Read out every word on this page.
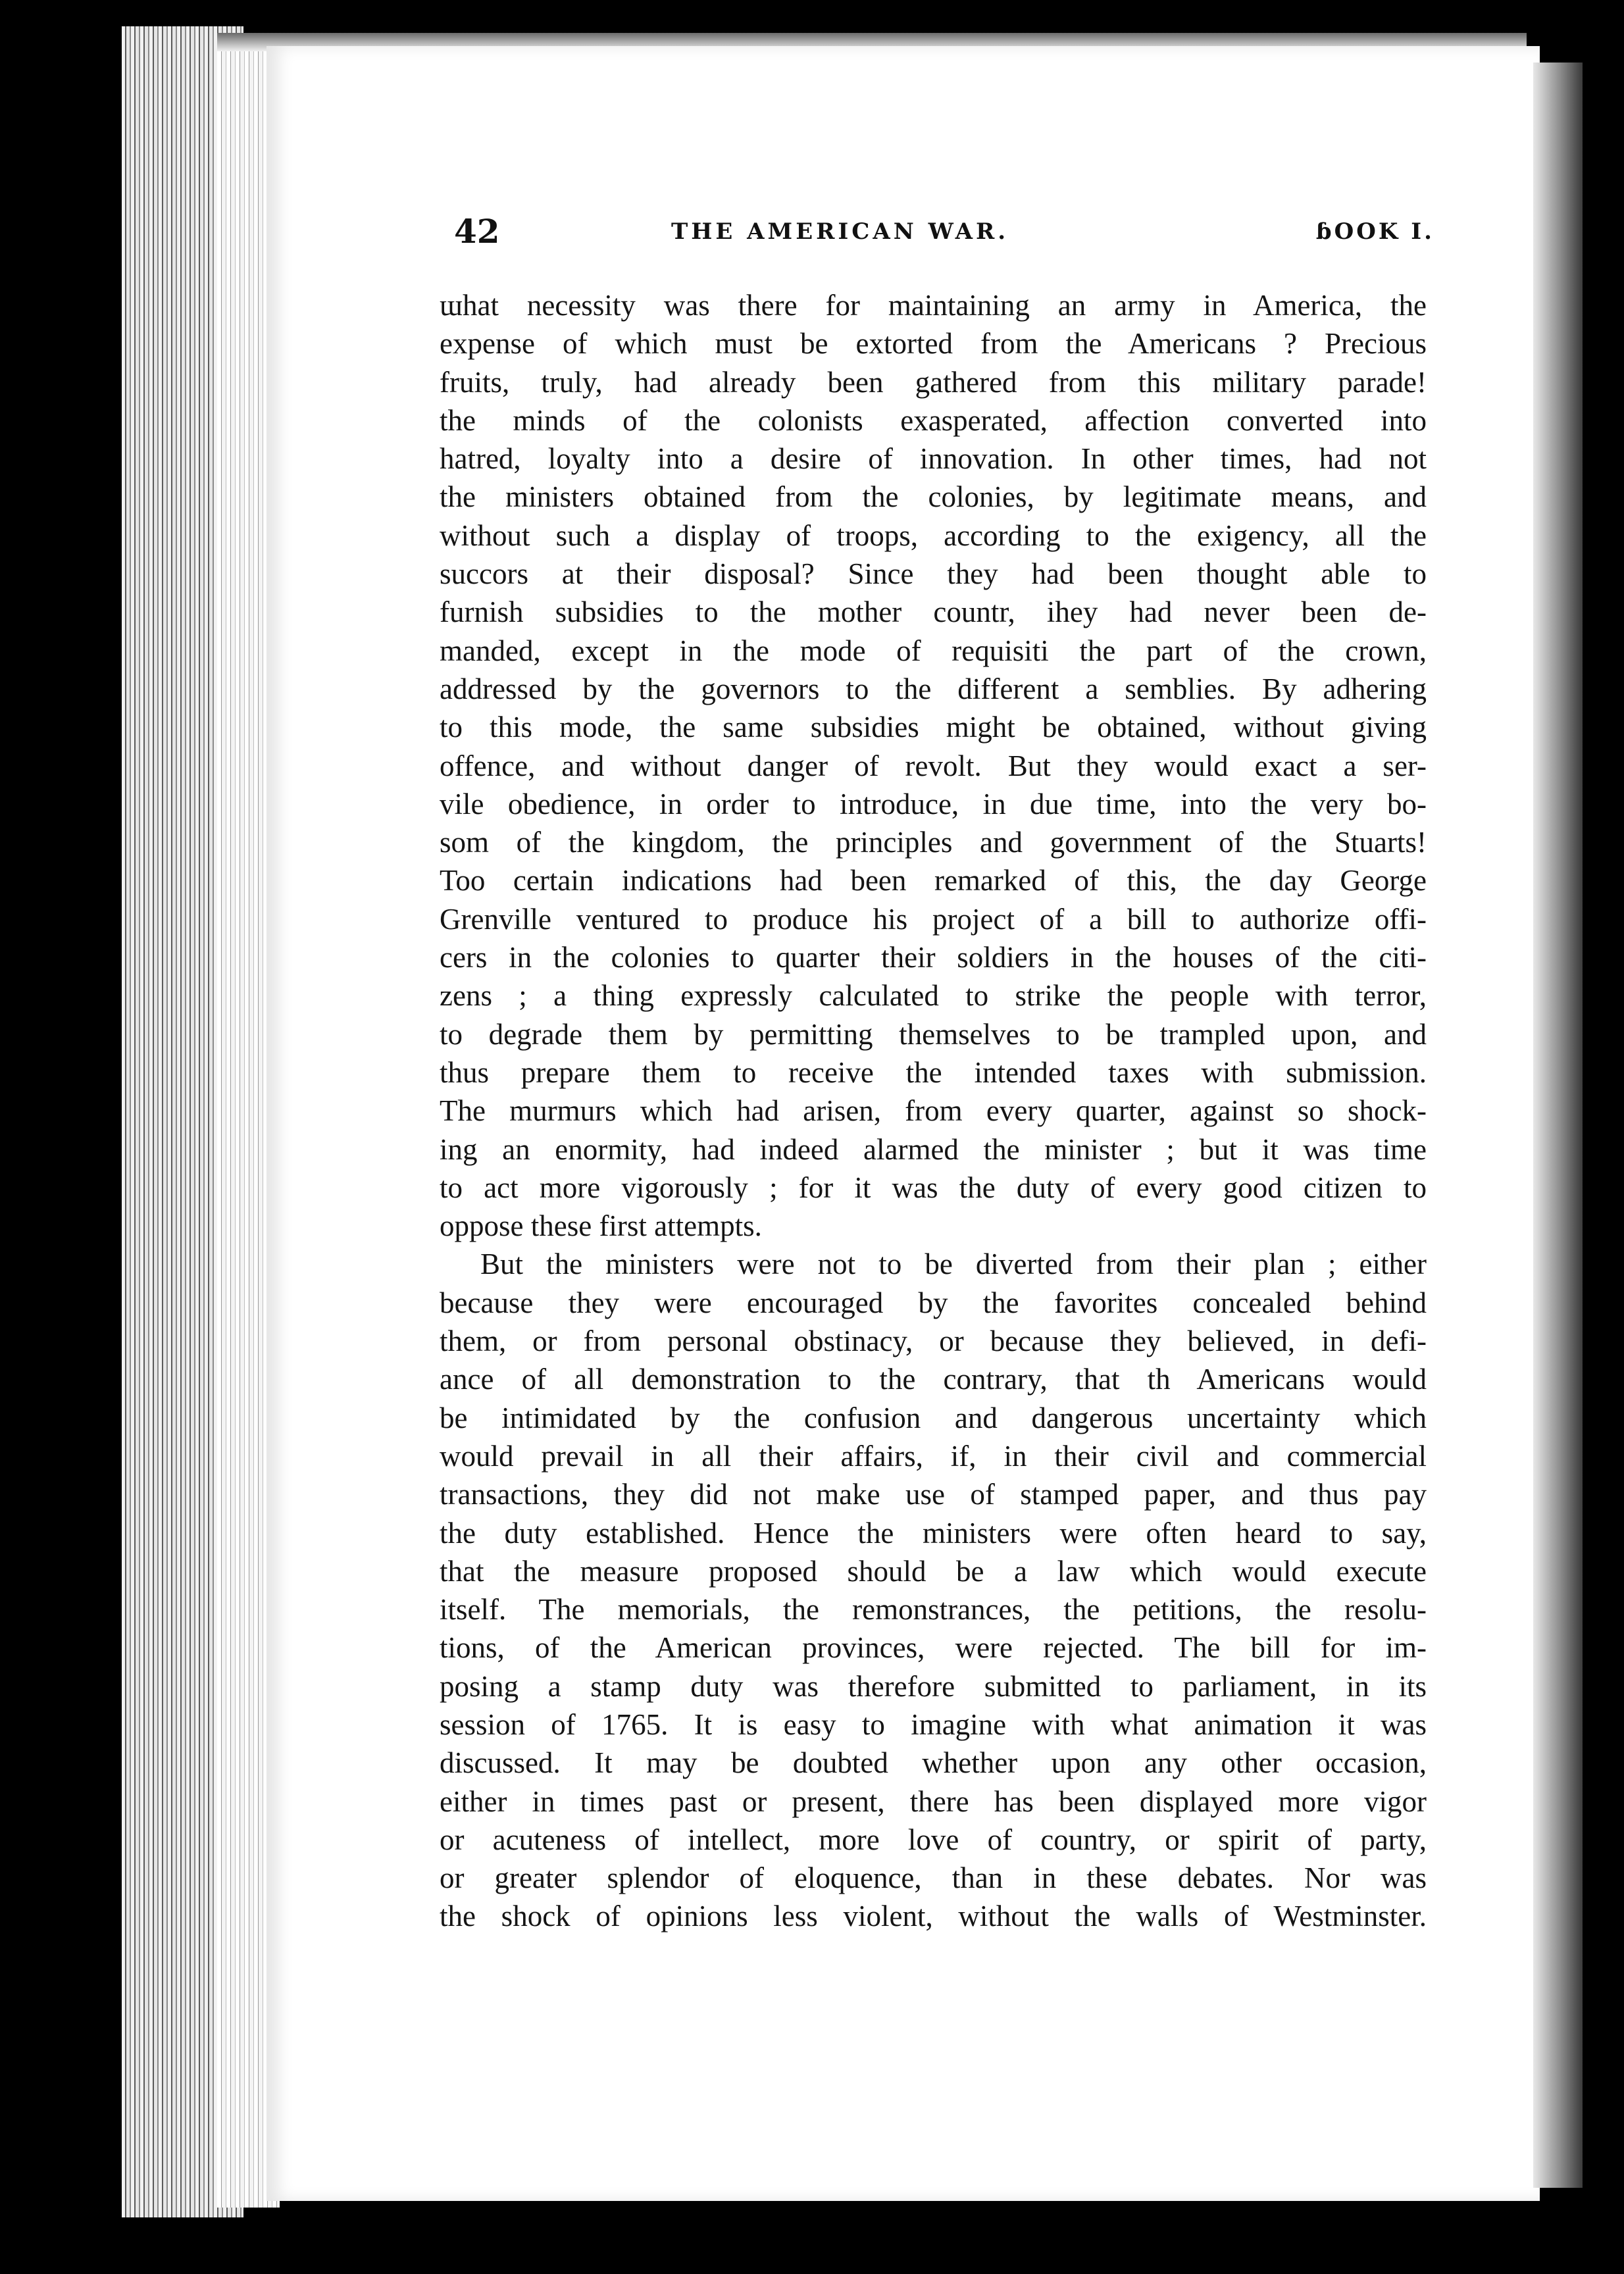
42	THE AMERICAN WAR.	ɓOOK I.

ɯhat necessity was there for maintaining an army in America, the
expense of which must be extorted from the Americans ? Precious
fruits, truly, had already been gathered from this military parade!
the minds of the colonists exasperated, affection converted into
hatred, loyalty into a desire of innovation. In other times, had not
the ministers obtained from the colonies, by legitimate means, and
without such a display of troops, according to the exigency, all the
succors at their disposal? Since they had been thought able to
furnish subsidies to the mother countr, ihey had never been de-
manded, except in the mode of requisiti the part of the crown,
addressed by the governors to the different a semblies. By adhering
to this mode, the same subsidies might be obtained, without giving
offence, and without danger of revolt. But they would exact a ser-
vile obedience, in order to introduce, in due time, into the very bo-
som of the kingdom, the principles and government of the Stuarts!
Too certain indications had been remarked of this, the day George
Grenville ventured to produce his project of a bill to authorize offi-
cers in the colonies to quarter their soldiers in the houses of the citi-
zens ; a thing expressly calculated to strike the people with terror,
to degrade them by permitting themselves to be trampled upon, and
thus prepare them to receive the intended taxes with submission.
The murmurs which had arisen, from every quarter, against so shock-
ing an enormity, had indeed alarmed the minister ; but it was time
to act more vigorously ; for it was the duty of every good citizen to
oppose these first attempts.

But the ministers were not to be diverted from their plan ; either
because they were encouraged by the favorites concealed behind
them, or from personal obstinacy, or because they believed, in defi-
ance of all demonstration to the contrary, that th Americans would
be intimidated by the confusion and dangerous uncertainty which
would prevail in all their affairs, if, in their civil and commercial
transactions, they did not make use of stamped paper, and thus pay
the duty established. Hence the ministers were often heard to say,
that the measure proposed should be a law which would execute
itself. The memorials, the remonstrances, the petitions, the resolu-
tions, of the American provinces, were rejected. The bill for im-
posing a stamp duty was therefore submitted to parliament, in its
session of 1765. It is easy to imagine with what animation it was
discussed. It may be doubted whether upon any other occasion,
either in times past or present, there has been displayed more vigor
or acuteness of intellect, more love of country, or spirit of party,
or greater splendor of eloquence, than in these debates. Nor was
the shock of opinions less violent, without the walls of Westminster.
